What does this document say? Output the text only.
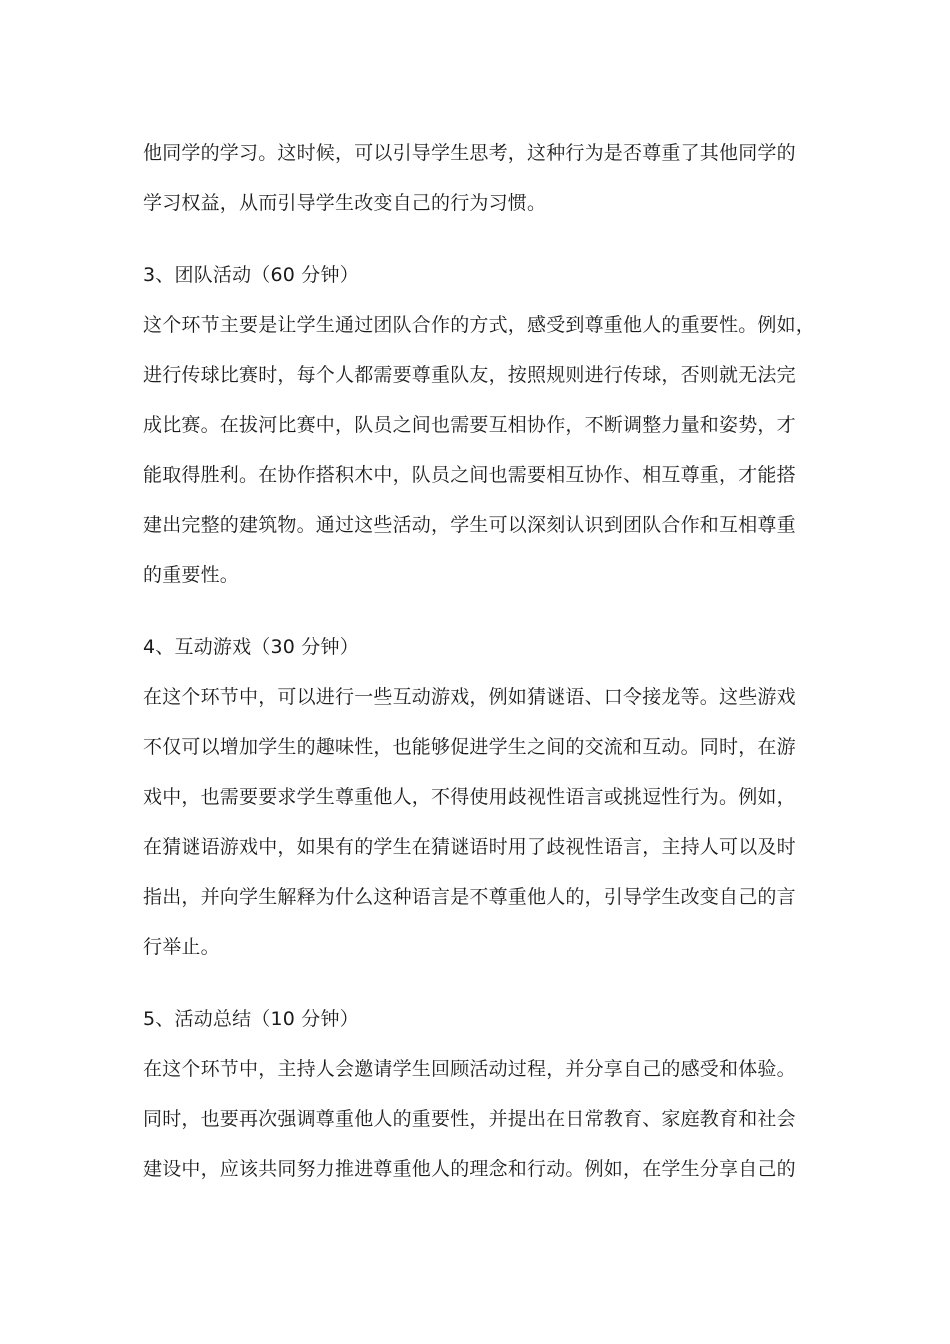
他同学的学习。这时候，可以引导学生思考，这种行为是否尊重了其他同学的
学习权益，从而引导学生改变自己的行为习惯。
3、团队活动（60 分钟）
这个环节主要是让学生通过团队合作的方式，感受到尊重他人的重要性。例如，
进行传球比赛时，每个人都需要尊重队友，按照规则进行传球，否则就无法完
成比赛。在拔河比赛中，队员之间也需要互相协作，不断调整力量和姿势，才
能取得胜利。在协作搭积木中，队员之间也需要相互协作、相互尊重，才能搭
建出完整的建筑物。通过这些活动，学生可以深刻认识到团队合作和互相尊重
的重要性。
4、互动游戏（30 分钟）
在这个环节中，可以进行一些互动游戏，例如猜谜语、口令接龙等。这些游戏
不仅可以增加学生的趣味性，也能够促进学生之间的交流和互动。同时，在游
戏中，也需要要求学生尊重他人，不得使用歧视性语言或挑逗性行为。例如，
在猜谜语游戏中，如果有的学生在猜谜语时用了歧视性语言，主持人可以及时
指出，并向学生解释为什么这种语言是不尊重他人的，引导学生改变自己的言
行举止。
5、活动总结（10 分钟）
在这个环节中，主持人会邀请学生回顾活动过程，并分享自己的感受和体验。
同时，也要再次强调尊重他人的重要性，并提出在日常教育、家庭教育和社会
建设中，应该共同努力推进尊重他人的理念和行动。例如，在学生分享自己的
